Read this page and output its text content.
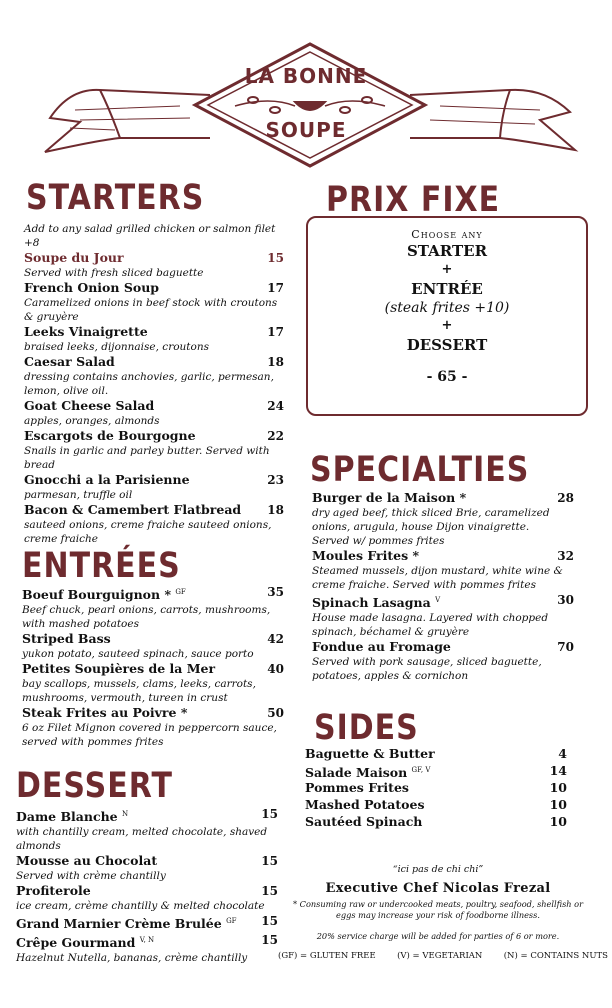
LA BONNE
SOUPE
STARTERS
Add to any salad grilled chicken or salmon filet +8
Soupe du Jour	15
Served with fresh sliced baguette
French Onion Soup	17
Caramelized onions in beef stock with croutons & gruyère
Leeks Vinaigrette	17
braised leeks, dijonnaise, croutons
Caesar Salad	18
dressing contains anchovies, garlic, permesan, lemon, olive oil.
Goat Cheese Salad	24
apples, oranges, almonds
Escargots de Bourgogne	22
Snails in garlic and parley butter. Served with bread
Gnocchi a la Parisienne	23
parmesan, truffle oil
Bacon & Camembert Flatbread	18
sauteed onions, creme fraiche sauteed onions, creme fraiche
ENTRÉES
Boeuf Bourguignon * $^{GF}$	35
Beef chuck, pearl onions, carrots, mushrooms, with mashed potatoes
Striped Bass	42
yukon potato, sauteed spinach, sauce porto
Petites Soupières de la Mer	40
bay scallops, mussels, clams, leeks, carrots, mushrooms, vermouth, tureen in crust
Steak Frites au Poivre *	50
6 oz Filet Mignon covered in peppercorn sauce, served with pommes frites
DESSERT
Dame Blanche $^N$	15
with chantilly cream, melted chocolate, shaved almonds
Mousse au Chocolat	15
Served with crème chantilly
Profiterole	15
ice cream, crème chantilly & melted chocolate
Grand Marnier Crème Brulée $^{GF}$	15
Crêpe Gourmand $^{V, N}$	15
Hazelnut Nutella, bananas, crème chantilly
PRIX FIXE
Choose any
STARTER
+
ENTRÉE
(steak frites +10)
+
DESSERT
- 65 -
SPECIALTIES
Burger de la Maison *	28
dry aged beef, thick sliced Brie, caramelized onions, arugula, house Dijon vinaigrette.
Served w/ pommes frites
Moules Frites *	32
Steamed mussels, dijon mustard, white wine & creme fraiche. Served with pommes frites
Spinach Lasagna $^V$	30
House made lasagna. Layered with chopped spinach, béchamel & gruyère
Fondue au Fromage	70
Served with pork sausage, sliced baguette, potatoes, apples & cornichon
SIDES
Baguette & Butter	4
Salade Maison $^{GF, V}$	14
Pommes Frites	10
Mashed Potatoes	10
Sautéed Spinach	10
“ici pas de chi chi”
Executive Chef Nicolas Frezal
* Consuming raw or undercooked meats, poultry, seafood, shellfish or eggs may increase your risk of foodborne illness.
20% service charge will be added for parties of 6 or more.
(GF) = GLUTEN FREE	(V) = VEGETARIAN	(N) = CONTAINS NUTS
